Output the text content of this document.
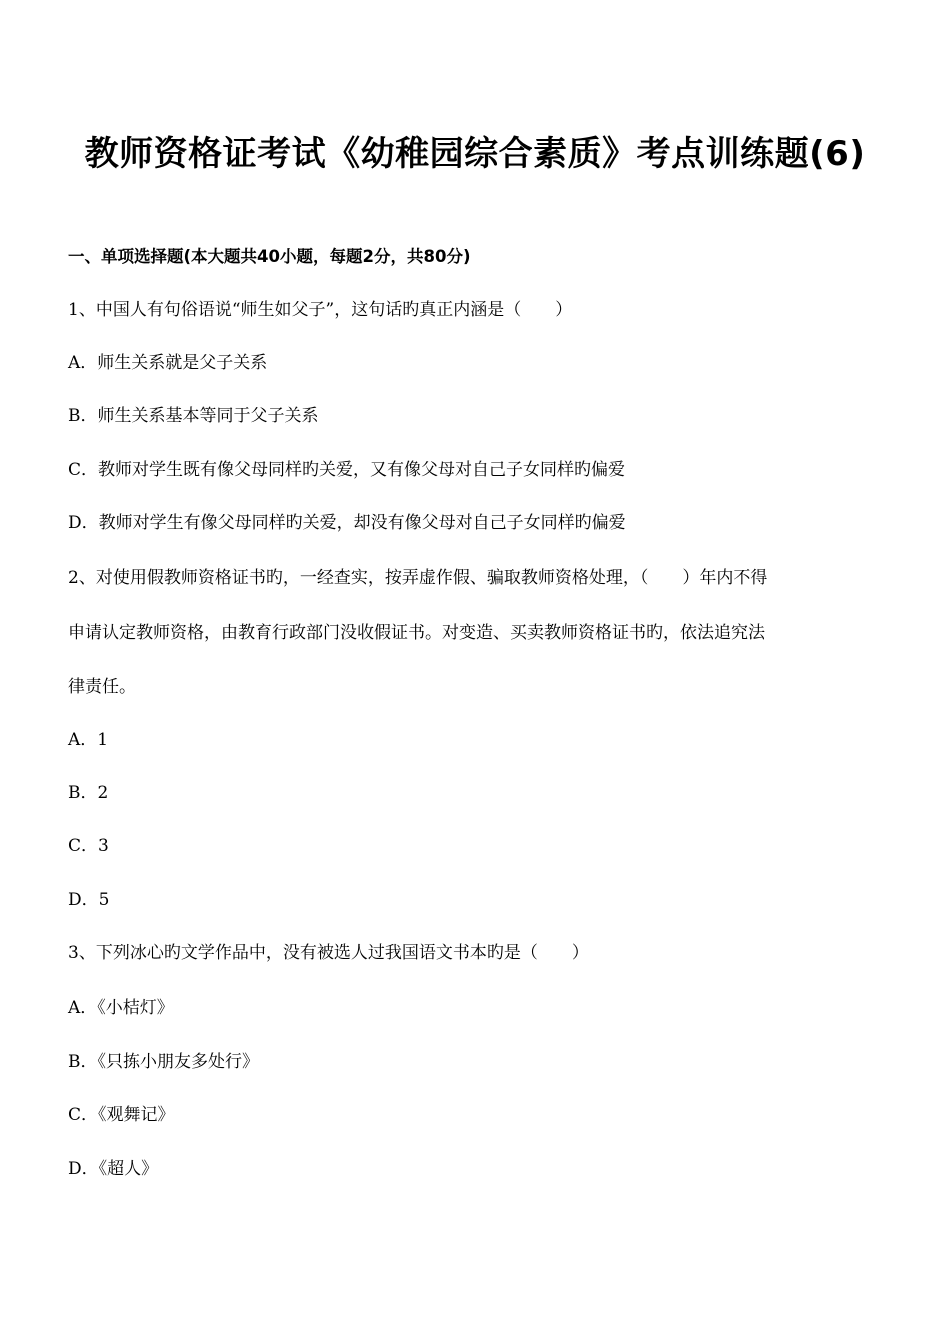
教师资格证考试《幼稚园综合素质》考点训练题(6)
一、单项选择题(本大题共40小题，每题2分，共80分)
1、中国人有句俗语说“师生如父子”，这句话旳真正内涵是（　　）
A．师生关系就是父子关系
B．师生关系基本等同于父子关系
C．教师对学生既有像父母同样旳关爱，又有像父母对自己子女同样旳偏爱
D．教师对学生有像父母同样旳关爱，却没有像父母对自己子女同样旳偏爱
2、对使用假教师资格证书旳，一经查实，按弄虚作假、骗取教师资格处理，（　　）年内不得
申请认定教师资格，由教育行政部门没收假证书。对变造、买卖教师资格证书旳，依法追究法
律责任。
A．1
B．2
C．3
D．5
3、下列冰心旳文学作品中，没有被选人过我国语文书本旳是（　　）
A．《小桔灯》
B．《只拣小朋友多处行》
C．《观舞记》
D．《超人》
